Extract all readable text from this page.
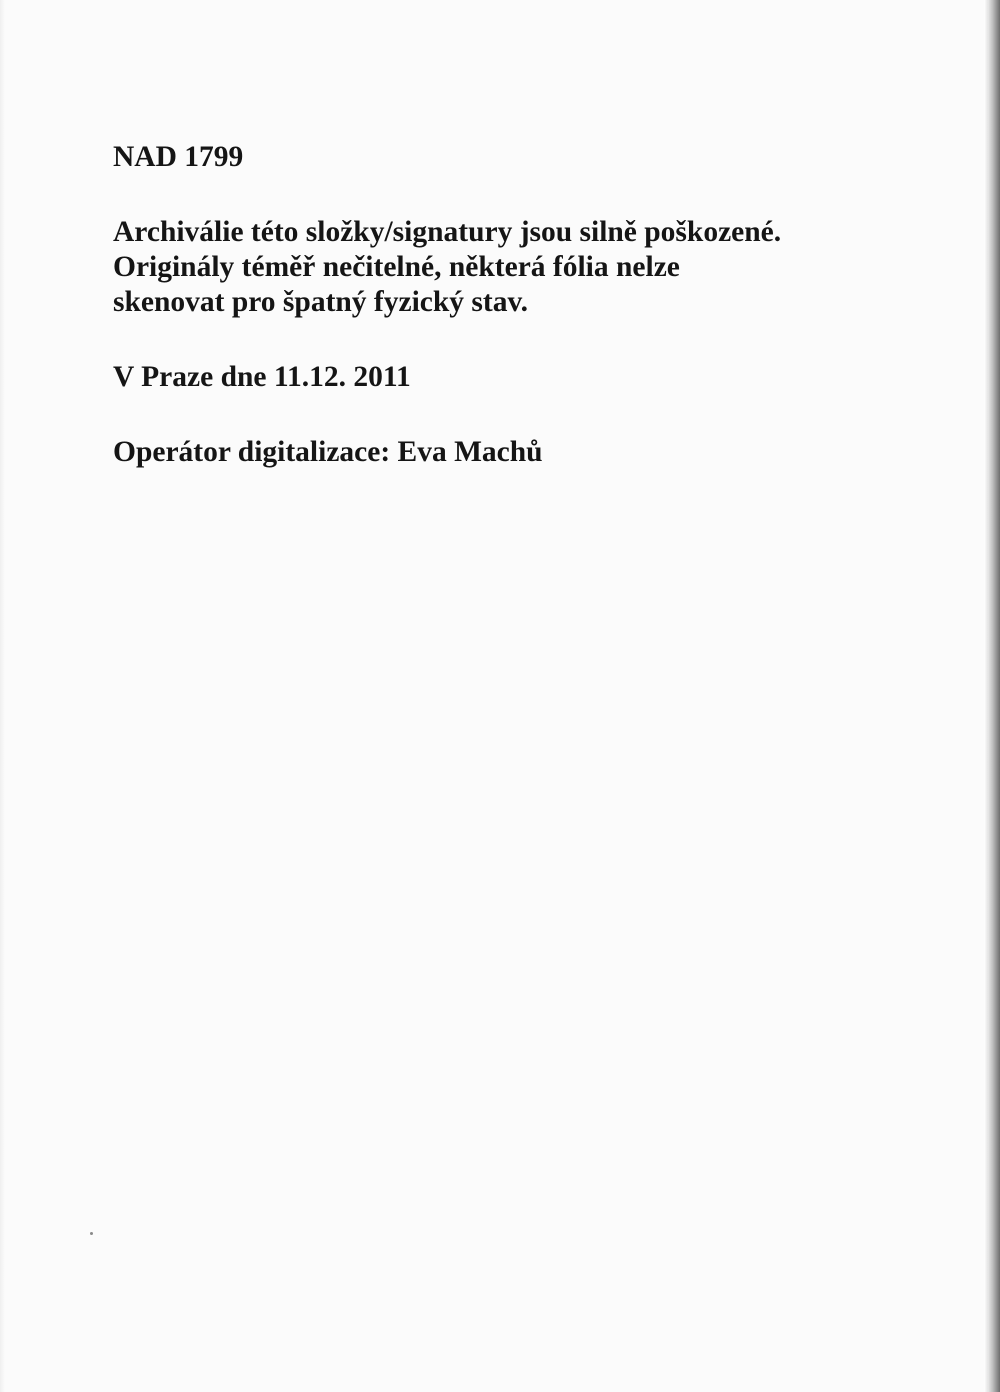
NAD 1799

Archiválie této složky/signatury jsou silně poškozené.

Originály téměř nečitelné, některá fólia nelze

skenovat pro špatný fyzický stav.

V Praze dne 11.12. 2011

Operátor digitalizace: Eva Machů
